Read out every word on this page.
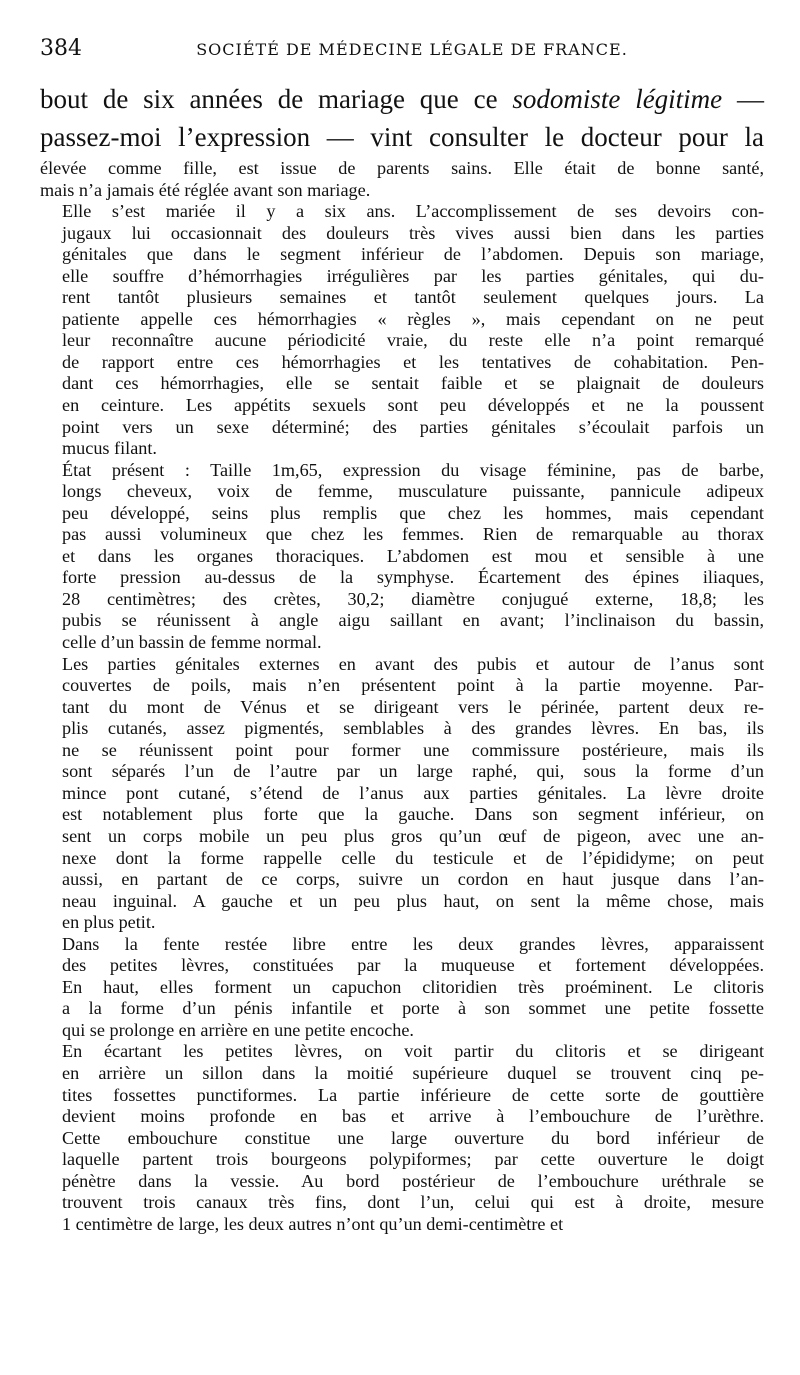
384	SOCIÉTÉ DE MÉDECINE LÉGALE DE FRANCE.

bout de six années de mariage que ce sodomiste légitime —

passez-moi l’expression — vint consulter le docteur pour la

élevée comme fille, est issue de parents sains. Elle était de bonne santé,
mais n’a jamais été réglée avant son mariage.

Elle s’est mariée il y a six ans. L’accomplissement de ses devoirs con-
jugaux lui occasionnait des douleurs très vives aussi bien dans les parties
génitales que dans le segment inférieur de l’abdomen. Depuis son mariage,
elle souffre d’hémorrhagies irrégulières par les parties génitales, qui du-
rent tantôt plusieurs semaines et tantôt seulement quelques jours. La
patiente appelle ces hémorrhagies « règles », mais cependant on ne peut
leur reconnaître aucune périodicité vraie, du reste elle n’a point remarqué
de rapport entre ces hémorrhagies et les tentatives de cohabitation. Pen-
dant ces hémorrhagies, elle se sentait faible et se plaignait de douleurs
en ceinture. Les appétits sexuels sont peu développés et ne la poussent
point vers un sexe déterminé; des parties génitales s’écoulait parfois un
mucus filant.

État présent : Taille 1m,65, expression du visage féminine, pas de barbe,
longs cheveux, voix de femme, musculature puissante, pannicule adipeux
peu développé, seins plus remplis que chez les hommes, mais cependant
pas aussi volumineux que chez les femmes. Rien de remarquable au thorax
et dans les organes thoraciques. L’abdomen est mou et sensible à une
forte pression au-dessus de la symphyse. Écartement des épines iliaques,
28 centimètres; des crètes, 30,2; diamètre conjugué externe, 18,8; les
pubis se réunissent à angle aigu saillant en avant; l’inclinaison du bassin,
celle d’un bassin de femme normal.

Les parties génitales externes en avant des pubis et autour de l’anus sont
couvertes de poils, mais n’en présentent point à la partie moyenne. Par-
tant du mont de Vénus et se dirigeant vers le périnée, partent deux re-
plis cutanés, assez pigmentés, semblables à des grandes lèvres. En bas, ils
ne se réunissent point pour former une commissure postérieure, mais ils
sont séparés l’un de l’autre par un large raphé, qui, sous la forme d’un
mince pont cutané, s’étend de l’anus aux parties génitales. La lèvre droite
est notablement plus forte que la gauche. Dans son segment inférieur, on
sent un corps mobile un peu plus gros qu’un œuf de pigeon, avec une an-
nexe dont la forme rappelle celle du testicule et de l’épididyme; on peut
aussi, en partant de ce corps, suivre un cordon en haut jusque dans l’an-
neau inguinal. A gauche et un peu plus haut, on sent la même chose, mais
en plus petit.

Dans la fente restée libre entre les deux grandes lèvres, apparaissent
des petites lèvres, constituées par la muqueuse et fortement développées.
En haut, elles forment un capuchon clitoridien très proéminent. Le clitoris
a la forme d’un pénis infantile et porte à son sommet une petite fossette
qui se prolonge en arrière en une petite encoche.

En écartant les petites lèvres, on voit partir du clitoris et se dirigeant
en arrière un sillon dans la moitié supérieure duquel se trouvent cinq pe-
tites fossettes punctiformes. La partie inférieure de cette sorte de gouttière
devient moins profonde en bas et arrive à l’embouchure de l’urèthre.
Cette embouchure constitue une large ouverture du bord inférieur de
laquelle partent trois bourgeons polypiformes; par cette ouverture le doigt
pénètre dans la vessie. Au bord postérieur de l’embouchure uréthrale se
trouvent trois canaux très fins, dont l’un, celui qui est à droite, mesure
1 centimètre de large, les deux autres n’ont qu’un demi-centimètre et
